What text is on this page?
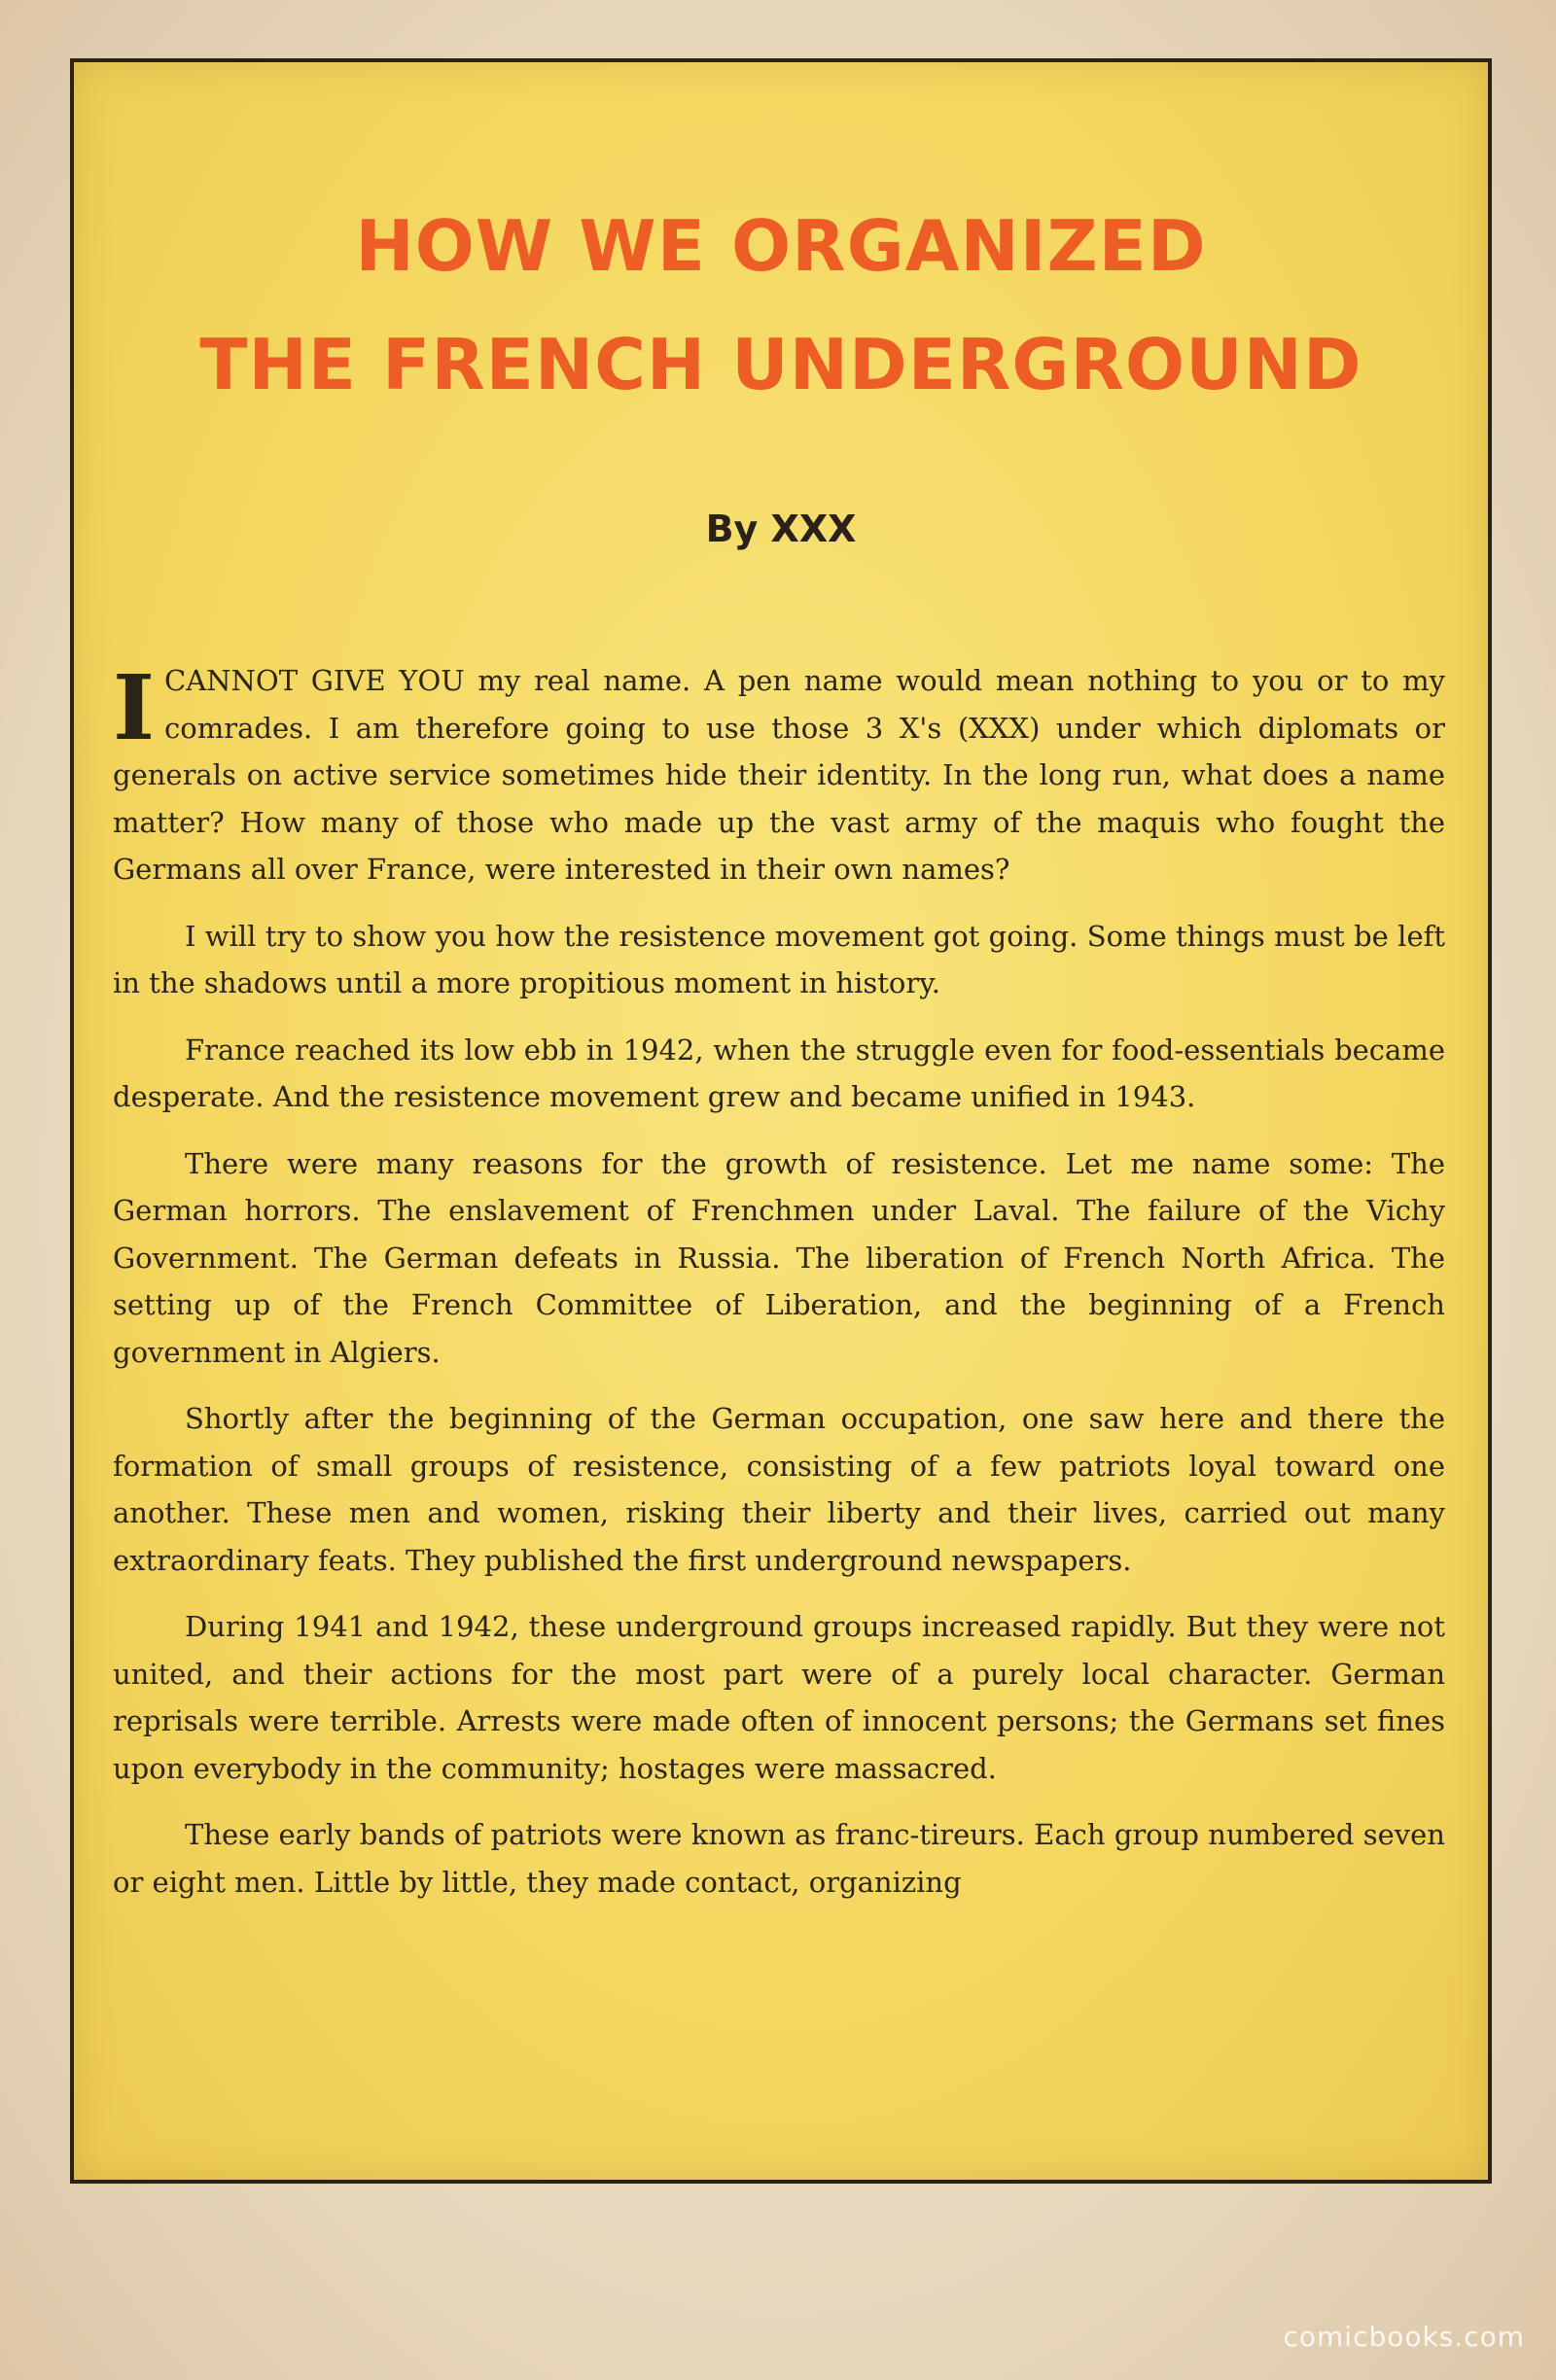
HOW WE ORGANIZED
THE FRENCH UNDERGROUND
By XXX

ICANNOT GIVE YOU my real name. A pen name would mean nothing to you or to my comrades. I am therefore going to use those 3 X's (XXX) under which diplomats or generals on active service sometimes hide their identity. In the long run, what does a name matter? How many of those who made up the vast army of the maquis who fought the Germans all over France, were interested in their own names?

I will try to show you how the resistence movement got going. Some things must be left in the shadows until a more propitious moment in history.

France reached its low ebb in 1942, when the struggle even for food-essentials became desperate. And the resistence movement grew and became unified in 1943.

There were many reasons for the growth of resistence. Let me name some: The German horrors. The enslavement of Frenchmen under Laval. The failure of the Vichy Government. The German defeats in Russia. The liberation of French North Africa. The setting up of the French Committee of Liberation, and the beginning of a French government in Algiers.

Shortly after the beginning of the German occupation, one saw here and there the formation of small groups of resistence, consisting of a few patriots loyal toward one another. These men and women, risking their liberty and their lives, carried out many extraordinary feats. They published the first underground newspapers.

During 1941 and 1942, these underground groups increased rapidly. But they were not united, and their actions for the most part were of a purely local character. German reprisals were terrible. Arrests were made often of innocent persons; the Germans set fines upon everybody in the community; hostages were massacred.

These early bands of patriots were known as franc-tireurs. Each group numbered seven or eight men. Little by little, they made contact, organizing

comicbooks.com
